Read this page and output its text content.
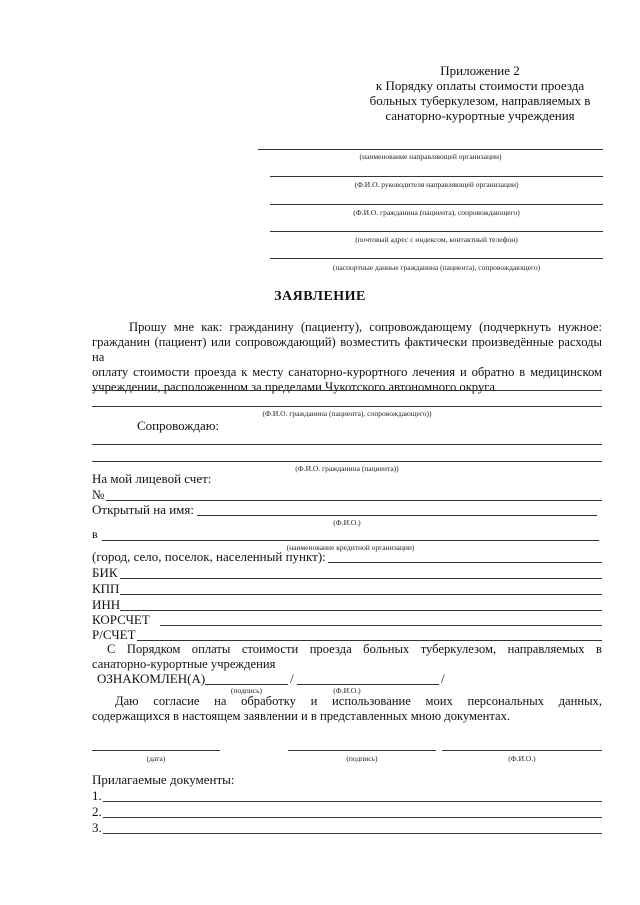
Приложение 2
к Порядку оплаты стоимости проезда
больных туберкулезом, направляемых в
санаторно-курортные учреждения
(наименование направляющей организации)
(Ф.И.О. руководителя направляющей организации)
(Ф.И.О. гражданина (пациента), сопровождающего)
(почтовый адрес с индексом, контактный телефон)
(паспортные данные гражданина (пациента), сопровождающего)
ЗАЯВЛЕНИЕ
Прошу мне как: гражданину (пациенту), сопровождающему (подчеркнуть нужное:
гражданин (пациент) или сопровождающий) возместить фактически произведённые расходы на
оплату стоимости проезда к месту санаторно-курортного лечения и обратно в медицинском
учреждении, расположенном за пределами Чукотского автономного округа
(Ф.И.О. гражданина (пациента), сопровождающего))
Сопровождаю:
(Ф.И.О. гражданина (пациента))
На мой лицевой счет:
№
Открытый на имя:
(Ф.И.О.)
в
(наименование кредитной организации)
(город, село, поселок, населенный пункт):
БИК
КПП
ИНН
КОРСЧЕТ
Р/СЧЕТ
С Порядком оплаты стоимости проезда больных туберкулезом, направляемых в
санаторно-курортные учреждения
ОЗНАКОМЛЕН(А)	/	/
(подпись)	(Ф.И.О.)
Даю согласие на обработку и использование моих персональных данных,
содержащихся в настоящем заявлении и в представленных мною документах.
(дата)	(подпись)	(Ф.И.О.)
Прилагаемые документы:
1.
2.
3.
